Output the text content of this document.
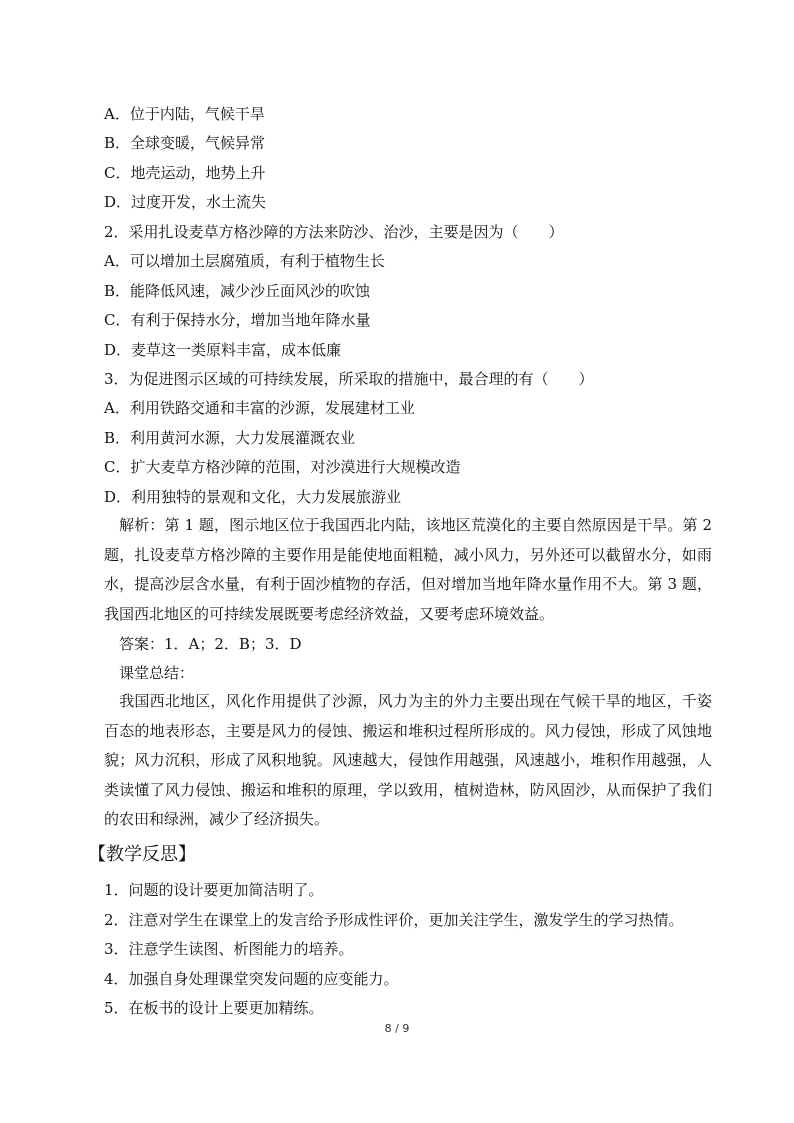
A．位于内陆，气候干旱
B．全球变暖，气候异常
C．地壳运动，地势上升
D．过度开发，水土流失
2．采用扎设麦草方格沙障的方法来防沙、治沙，主要是因为（　　）
A．可以增加土层腐殖质，有利于植物生长
B．能降低风速，减少沙丘面风沙的吹蚀
C．有利于保持水分，增加当地年降水量
D．麦草这一类原料丰富，成本低廉
3．为促进图示区域的可持续发展，所采取的措施中，最合理的有（　　）
A．利用铁路交通和丰富的沙源，发展建材工业
B．利用黄河水源，大力发展灌溉农业
C．扩大麦草方格沙障的范围，对沙漠进行大规模改造
D．利用独特的景观和文化，大力发展旅游业
　解析：第 1 题，图示地区位于我国西北内陆，该地区荒漠化的主要自然原因是干旱。第 2 题，扎设麦草方格沙障的主要作用是能使地面粗糙，减小风力，另外还可以截留水分，如雨水，提高沙层含水量，有利于固沙植物的存活，但对增加当地年降水量作用不大。第 3 题，我国西北地区的可持续发展既要考虑经济效益，又要考虑环境效益。
　答案：1．A；2．B；3．D
　课堂总结：
　我国西北地区，风化作用提供了沙源，风力为主的外力主要出现在气候干旱的地区，千姿百态的地表形态，主要是风力的侵蚀、搬运和堆积过程所形成的。风力侵蚀，形成了风蚀地貌；风力沉积，形成了风积地貌。风速越大，侵蚀作用越强，风速越小，堆积作用越强，人类读懂了风力侵蚀、搬运和堆积的原理，学以致用，植树造林，防风固沙，从而保护了我们的农田和绿洲，减少了经济损失。
【教学反思】
1．问题的设计要更加简洁明了。
2．注意对学生在课堂上的发言给予形成性评价，更加关注学生，激发学生的学习热情。
3．注意学生读图、析图能力的培养。
4．加强自身处理课堂突发问题的应变能力。
5．在板书的设计上要更加精练。
8 / 9
